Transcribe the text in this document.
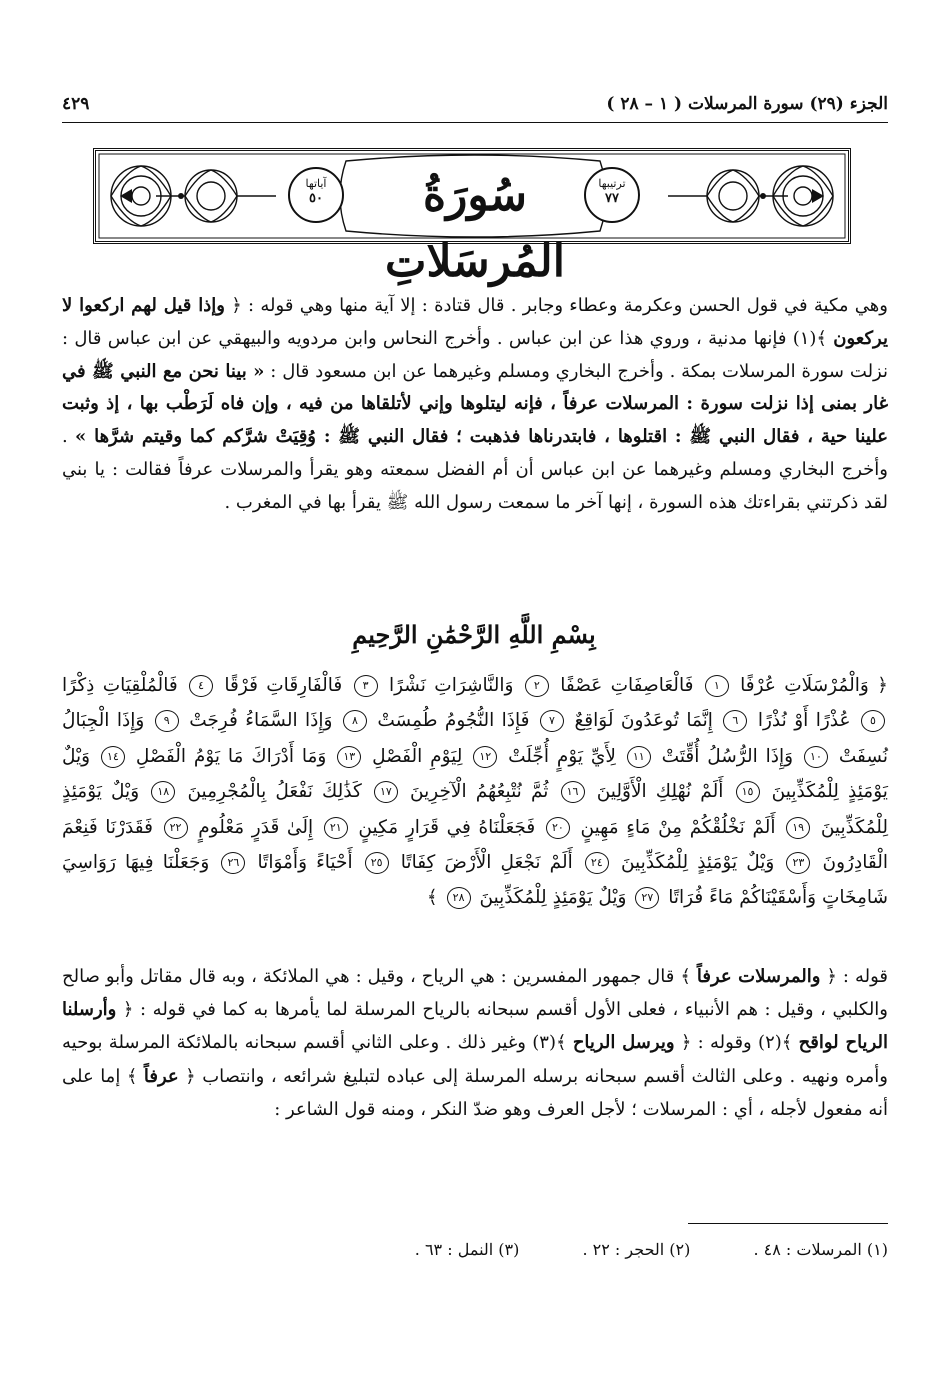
الجزء (٢٩) سورة المرسلات ( ١ – ٢٨ )
٤٢٩
ترتيبها
٧٧
سُورَةُ المُرسَلاتِ
آياتها
٥٠
وهي مكية في قول الحسن وعكرمة وعطاء وجابر . قال قتادة : إلا آية منها وهي قوله : ﴿ وإذا قيل لهم اركعوا لا يركعون ﴾(١) فإنها مدنية ، وروي هذا عن ابن عباس . وأخرج النحاس وابن مردويه والبيهقي عن ابن عباس قال : نزلت سورة المرسلات بمكة . وأخرج البخاري ومسلم وغيرهما عن ابن مسعود قال : « بينا نحن مع النبي ﷺ في غار بمنى إذا نزلت سورة : المرسلات عرفاً ، فإنه ليتلوها وإني لأتلقاها من فيه ، وإن فاه لَرَطْب بها ، إذ وثبت علينا حية ، فقال النبي ﷺ : اقتلوها ، فابتدرناها فذهبت ؛ فقال النبي ﷺ : وُقِيَتْ شرَّكم كما وقيتم شرَّها » . وأخرج البخاري ومسلم وغيرهما عن ابن عباس أن أم الفضل سمعته وهو يقرأ والمرسلات عرفاً فقالت : يا بني لقد ذكرتني بقراءتك هذه السورة ، إنها آخر ما سمعت رسول الله ﷺ يقرأ بها في المغرب .
بِسْمِ اللَّهِ الرَّحْمَٰنِ الرَّحِيمِ
﴿ وَالْمُرْسَلَاتِ عُرْفًا ١ فَالْعَاصِفَاتِ عَصْفًا ٢ وَالنَّاشِرَاتِ نَشْرًا ٣ فَالْفَارِقَاتِ فَرْقًا ٤ فَالْمُلْقِيَاتِ ذِكْرًا ٥ عُذْرًا أَوْ نُذْرًا ٦ إِنَّمَا تُوعَدُونَ لَوَاقِعٌ ٧ فَإِذَا النُّجُومُ طُمِسَتْ ٨ وَإِذَا السَّمَاءُ فُرِجَتْ ٩ وَإِذَا الْجِبَالُ نُسِفَتْ ١٠ وَإِذَا الرُّسُلُ أُقِّتَتْ ١١ لِأَيِّ يَوْمٍ أُجِّلَتْ ١٢ لِيَوْمِ الْفَصْلِ ١٣ وَمَا أَدْرَاكَ مَا يَوْمُ الْفَصْلِ ١٤ وَيْلٌ يَوْمَئِذٍ لِلْمُكَذِّبِينَ ١٥ أَلَمْ نُهْلِكِ الْأَوَّلِينَ ١٦ ثُمَّ نُتْبِعُهُمُ الْآخِرِينَ ١٧ كَذَٰلِكَ نَفْعَلُ بِالْمُجْرِمِينَ ١٨ وَيْلٌ يَوْمَئِذٍ لِلْمُكَذِّبِينَ ١٩ أَلَمْ نَخْلُقْكُمْ مِنْ مَاءٍ مَهِينٍ ٢٠ فَجَعَلْنَاهُ فِي قَرَارٍ مَكِينٍ ٢١ إِلَىٰ قَدَرٍ مَعْلُومٍ ٢٢ فَقَدَرْنَا فَنِعْمَ الْقَادِرُونَ ٢٣ وَيْلٌ يَوْمَئِذٍ لِلْمُكَذِّبِينَ ٢٤ أَلَمْ نَجْعَلِ الْأَرْضَ كِفَاتًا ٢٥ أَحْيَاءً وَأَمْوَاتًا ٢٦ وَجَعَلْنَا فِيهَا رَوَاسِيَ شَامِخَاتٍ وَأَسْقَيْنَاكُمْ مَاءً فُرَاتًا ٢٧ وَيْلٌ يَوْمَئِذٍ لِلْمُكَذِّبِينَ ٢٨ ﴾
قوله : ﴿ والمرسلات عرفاً ﴾ قال جمهور المفسرين : هي الرياح ، وقيل : هي الملائكة ، وبه قال مقاتل وأبو صالح والكلبي ، وقيل : هم الأنبياء ، فعلى الأول أقسم سبحانه بالرياح المرسلة لما يأمرها به كما في قوله : ﴿ وأرسلنا الرياح لواقح ﴾(٢) وقوله : ﴿ ويرسل الرياح ﴾(٣) وغير ذلك . وعلى الثاني أقسم سبحانه بالملائكة المرسلة بوحيه وأمره ونهيه . وعلى الثالث أقسم سبحانه برسله المرسلة إلى عباده لتبليغ شرائعه ، وانتصاب ﴿ عرفاً ﴾ إما على أنه مفعول لأجله ، أي : المرسلات ؛ لأجل العرف وهو ضدّ النكر ، ومنه قول الشاعر :
(١) المرسلات : ٤٨ . (٢) الحجر : ٢٢ . (٣) النمل : ٦٣ .
